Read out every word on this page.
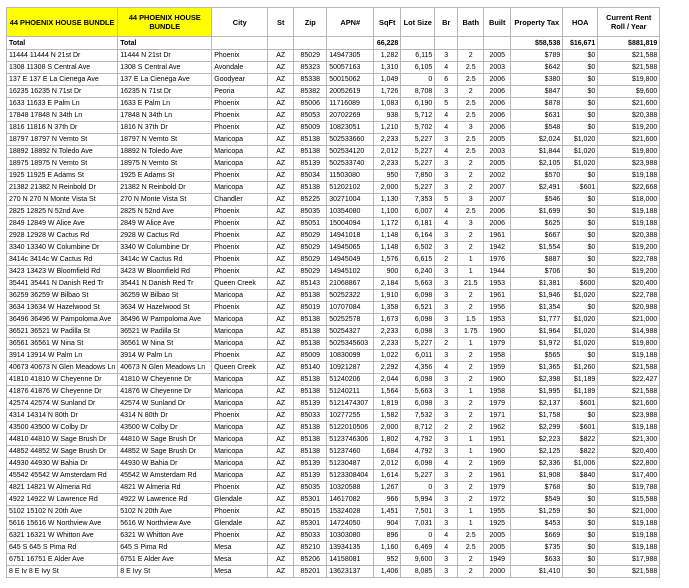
44 PHOENIX HOUSE BUNDLE	44 PHOENIX HOUSE BUNDLE	City	St	Zip	APN#	SqFt	Lot Size	Br	Bath	Built	Property Tax	HOA	Current Rent Roll / Year
Total	Total					66,228					$58,538	$16,671	$881,819
11444 11444 N 21st Dr	11444 N 21st Dr	Phoenix	AZ	85029	14947305	1,282	6,115	3	2	2005	$789	$0	$21,588
1308 11308 S Central Ave	1308 S Central Ave	Avondale	AZ	85323	50057163	1,310	6,105	4	2.5	2003	$642	$0	$21,588
137 E 137 E La Cienega Ave	137 E La Cienega Ave	Goodyear	AZ	85338	50015062	1,049	0	6	2.5	2006	$380	$0	$19,800
16235 16235 N 71st Dr	16235 N 71st Dr	Peoria	AZ	85382	20052619	1,726	8,708	3	2	2006	$847	$0	$9,600
1633 11633 E Palm Ln	1633 E Palm Ln	Phoenix	AZ	85006	11716089	1,083	6,190	5	2.5	2006	$878	$0	$21,600
17848 17848 N 34th Ln	17848 N 34th Ln	Phoenix	AZ	85053	20702269	938	5,712	4	2.5	2006	$631	$0	$20,388
1816 11816 N 37th Dr	1816 N 37th Dr	Phoenix	AZ	85009	10823051	1,210	5,702	4	3	2006	$548	$0	$19,200
18797 18797 N Vemto St	18797 N Vemto St	Maricopa	AZ	85138	502533660	2,233	5,227	3	2.5	2005	$2,024	$1,020	$21,600
18892 18892 N Toledo Ave	18892 N Toledo Ave	Maricopa	AZ	85138	502534120	2,012	5,227	4	2.5	2003	$1,844	$1,020	$19,800
18975 18975 N Vemto St	18975 N Vemto St	Maricopa	AZ	85139	502533740	2,233	5,227	3	2	2005	$2,105	$1,020	$23,988
1925 11925 E Adams St	1925 E Adams St	Phoenix	AZ	85034	11503080	950	7,850	3	2	2002	$570	$0	$19,188
21382 21382 N Reinbold Dr	21382 N Reinbold Dr	Maricopa	AZ	85138	51202102	2,000	5,227	3	2	2007	$2,491	$601	$22,668
270 N 270 N Monte Vista St	270 N Monte Vista St	Chandler	AZ	85225	30271004	1,130	7,353	5	3	2007	$546	$0	$18,000
2825 12825 N 52nd Ave	2825 N 52nd Ave	Phoenix	AZ	85035	10354080	1,100	6,007	4	2.5	2006	$1,699	$0	$19,188
2849 12849 W Alice Ave	2849 W Alice Ave	Phoenix	AZ	85051	15004094	1,172	6,181	4	3	2006	$625	$0	$19,188
2928 12928 W Cactus Rd	2928 W Cactus Rd	Phoenix	AZ	85029	14941018	1,148	6,164	3	2	1961	$667	$0	$20,388
3340 13340 W Columbine Dr	3340 W Columbine Dr	Phoenix	AZ	85029	14945065	1,148	6,502	3	2	1942	$1,554	$0	$19,200
3414c 3414c W Cactus Rd	3414c W Cactus Rd	Phoenix	AZ	85029	14945049	1,576	6,615	2	1	1976	$887	$0	$22,788
3423 13423 W Bloomfield Rd	3423 W Bloomfield Rd	Phoenix	AZ	85029	14945102	900	6,240	3	1	1944	$706	$0	$19,200
35441 35441 N Danish Red Tr	35441 N Danish Red Tr	Queen Creek	AZ	85143	21068867	2,184	5,663	3	21.5	1953	$1,381	$600	$20,400
36259 36259 W Bilbao St	36259 W Bilbao St	Maricopa	AZ	85138	50252322	1,910	6,098	3	2	1961	$1,946	$1,020	$22,788
3634 13634 W Hazelwood St	3634 W Hazelwood St	Phoenix	AZ	85019	10707084	1,358	6,521	3	2	1956	$1,354	$0	$20,988
36496 36496 W Pampoloma Ave	36496 W Pampoloma Ave	Maricopa	AZ	85138	50252578	1,673	6,098	3	1.5	1953	$1,777	$1,020	$21,000
36521 36521 W Padilla St	36521 W Padilla St	Maricopa	AZ	85138	50254327	2,233	6,098	3	1.75	1960	$1,964	$1,020	$14,988
36561 36561 W Nina St	36561 W Nina St	Maricopa	AZ	85138	5025345603	2,233	5,227	2	1	1979	$1,972	$1,020	$19,800
3914 13914 W Palm Ln	3914 W Palm Ln	Phoenix	AZ	85009	10830099	1,022	6,011	3	2	1958	$565	$0	$19,188
40673 40673 N Glen Meadows Ln	40673 N Glen Meadows Ln	Queen Creek	AZ	85140	10921287	2,292	4,356	4	2	1959	$1,365	$1,260	$21,588
41810 41810 W Cheyenne Dr	41810 W Cheyenne Dr	Maricopa	AZ	85138	51240206	2,044	6,098	3	2	1960	$2,398	$1,189	$22,427
41876 41876 W Cheyenne Dr	41876 W Cheyenne Dr	Maricopa	AZ	85138	51240211	1,564	5,663	3	1	1958	$1,995	$1,189	$21,588
42574 42574 W Sunland Dr	42574 W Sunland Dr	Maricopa	AZ	85139	5121474307	1,819	6,098	3	2	1979	$2,137	$601	$21,600
4314 14314 N 80th Dr	4314 N 80th Dr	Phoenix	AZ	85033	10277255	1,582	7,532	3	2	1971	$1,758	$0	$23,988
43500 43500 W Colby Dr	43500 W Colby Dr	Maricopa	AZ	85138	5122010506	2,000	8,712	2	2	1962	$2,299	$601	$19,188
44810 44810 W Sage Brush Dr	44810 W Sage Brush Dr	Maricopa	AZ	85138	5123746306	1,802	4,792	3	1	1951	$2,223	$822	$21,300
44852 44852 W Sage Brush Dr	44852 W Sage Brush Dr	Maricopa	AZ	85138	51237460	1,684	4,792	3	1	1960	$2,125	$822	$20,400
44930 44930 W Bahia Dr	44930 W Bahia Dr	Maricopa	AZ	85139	51230487	2,012	6,098	4	2	1969	$2,336	$1,006	$22,800
45542 45542 W Amsterdam Rd	45542 W Amsterdam Rd	Maricopa	AZ	85139	5123308404	1,614	5,227	3	2	1961	$1,908	$840	$17,400
4821 14821 W Almeria Rd	4821 W Almeria Rd	Phoenix	AZ	85035	10320588	1,267	0	3	2	1979	$768	$0	$19,788
4922 14922 W Lawrence Rd	4922 W Lawrence Rd	Glendale	AZ	85301	14617082	966	5,994	3	2	1972	$549	$0	$15,588
5102 15102 N 20th Ave	5102 N 20th Ave	Phoenix	AZ	85015	15324028	1,451	7,501	3	1	1955	$1,259	$0	$21,000
5616 15616 W Northview Ave	5616 W Northview Ave	Glendale	AZ	85301	14724050	904	7,031	3	1	1925	$453	$0	$19,188
6321 16321 W Whitton Ave	6321 W Whitton Ave	Phoenix	AZ	85033	10303080	896	0	4	2.5	2005	$669	$0	$19,188
645 S 645 S Pima Rd	645 S Pima Rd	Mesa	AZ	85210	13934135	1,160	6,469	4	2.5	2005	$735	$0	$19,188
6751 16751 E Alder Ave	6751 E Alder Ave	Mesa	AZ	85206	14158081	952	9,600	3	2	1949	$633	$0	$17,988
8 E Iv 8 E Ivy St	8 E Ivy St	Mesa	AZ	85201	13623137	1,406	8,085	3	2	2000	$1,410	$0	$21,588
